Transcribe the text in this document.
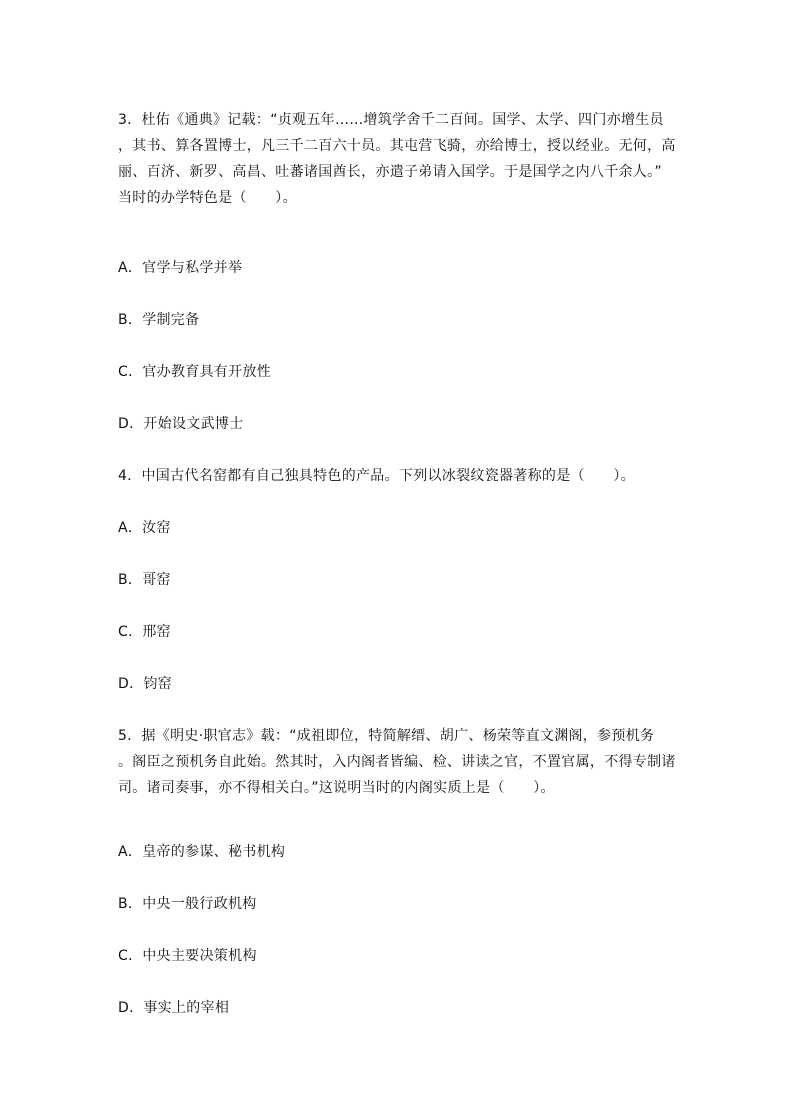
3．杜佑《通典》记载：“贞观五年……增筑学舍千二百间。国学、太学、四门亦增生员
，其书、算各置博士，凡三千二百六十员。其屯营飞骑，亦给博士，授以经业。无何，高
丽、百济、新罗、高昌、吐蕃诸国酋长，亦遣子弟请入国学。于是国学之内八千余人。”
当时的办学特色是（　　）。
A．官学与私学并举
B．学制完备
C．官办教育具有开放性
D．开始设文武博士
4．中国古代名窑都有自己独具特色的产品。下列以冰裂纹瓷器著称的是（　　）。
A．汝窑
B．哥窑
C．邢窑
D．钧窑
5．据《明史·职官志》载：“成祖即位，特简解缙、胡广、杨荣等直文渊阁，参预机务
。阁臣之预机务自此始。然其时，入内阁者皆编、检、讲读之官，不置官属，不得专制诸
司。诸司奏事，亦不得相关白。”这说明当时的内阁实质上是（　　）。
A．皇帝的参谋、秘书机构
B．中央一般行政机构
C．中央主要决策机构
D．事实上的宰相
